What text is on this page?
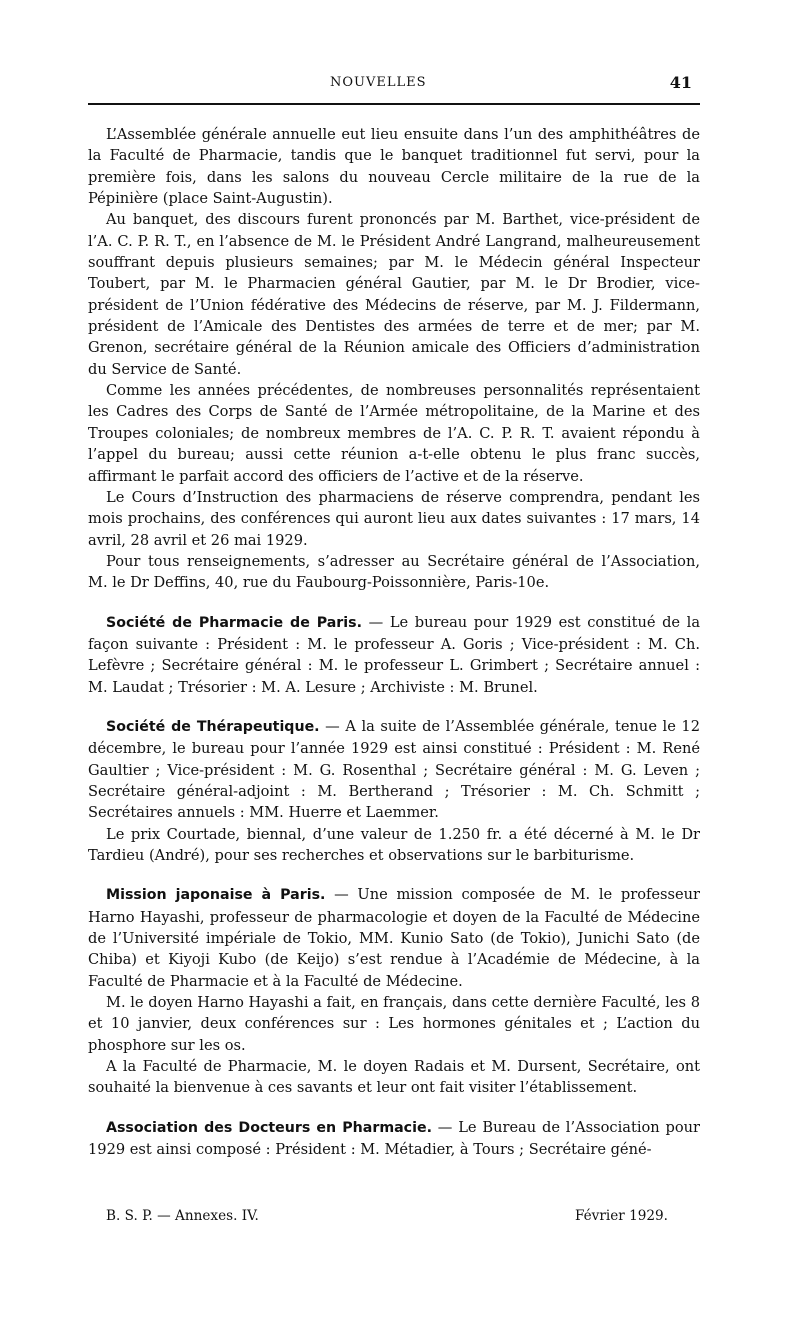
NOUVELLES	41

L’Assemblée générale annuelle eut lieu ensuite dans l’un des amphithéâtres de la Faculté de Pharmacie, tandis que le banquet traditionnel fut servi, pour la première fois, dans les salons du nouveau Cercle militaire de la rue de la Pépinière (place Saint-Augustin).

Au banquet, des discours furent prononcés par M. Barthet, vice-président de l’A. C. P. R. T., en l’absence de M. le Président André Langrand, malheureusement souffrant depuis plusieurs semaines; par M. le Médecin général Inspecteur Toubert, par M. le Pharmacien général Gautier, par M. le Dr Brodier, vice-président de l’Union fédérative des Médecins de réserve, par M. J. Fildermann, président de l’Amicale des Dentistes des armées de terre et de mer; par M. Grenon, secrétaire général de la Réunion amicale des Officiers d’administration du Service de Santé.

Comme les années précédentes, de nombreuses personnalités représentaient les Cadres des Corps de Santé de l’Armée métropolitaine, de la Marine et des Troupes coloniales; de nombreux membres de l’A. C. P. R. T. avaient répondu à l’appel du bureau; aussi cette réunion a-t-elle obtenu le plus franc succès, affirmant le parfait accord des officiers de l’active et de la réserve.

Le Cours d’Instruction des pharmaciens de réserve comprendra, pendant les mois prochains, des conférences qui auront lieu aux dates suivantes : 17 mars, 14 avril, 28 avril et 26 mai 1929.

Pour tous renseignements, s’adresser au Secrétaire général de l’Association, M. le Dr Deffins, 40, rue du Faubourg-Poissonnière, Paris-10e.

Société de Pharmacie de Paris. — Le bureau pour 1929 est constitué de la façon suivante : Président : M. le professeur A. Goris ; Vice-président : M. Ch. Lefèvre ; Secrétaire général : M. le professeur L. Grimbert ; Secrétaire annuel : M. Laudat ; Trésorier : M. A. Lesure ; Archiviste : M. Brunel.

Société de Thérapeutique. — A la suite de l’Assemblée générale, tenue le 12 décembre, le bureau pour l’année 1929 est ainsi constitué : Président : M. René Gaultier ; Vice-président : M. G. Rosenthal ; Secrétaire général : M. G. Leven ; Secrétaire général-adjoint : M. Bertherand ; Trésorier : M. Ch. Schmitt ; Secrétaires annuels : MM. Huerre et Laemmer.

Le prix Courtade, biennal, d’une valeur de 1.250 fr. a été décerné à M. le Dr Tardieu (André), pour ses recherches et observations sur le barbiturisme.

Mission japonaise à Paris. — Une mission composée de M. le professeur Harno Hayashi, professeur de pharmacologie et doyen de la Faculté de Médecine de l’Université impériale de Tokio, MM. Kunio Sato (de Tokio), Junichi Sato (de Chiba) et Kiyoji Kubo (de Keijo) s’est rendue à l’Académie de Médecine, à la Faculté de Pharmacie et à la Faculté de Médecine.

M. le doyen Harno Hayashi a fait, en français, dans cette dernière Faculté, les 8 et 10 janvier, deux conférences sur : Les hormones génitales et ; L’action du phosphore sur les os.

A la Faculté de Pharmacie, M. le doyen Radais et M. Dursent, Secrétaire, ont souhaité la bienvenue à ces savants et leur ont fait visiter l’établissement.

Association des Docteurs en Pharmacie. — Le Bureau de l’Association pour 1929 est ainsi composé : Président : M. Métadier, à Tours ; Secrétaire géné-

B. S. P. — Annexes. IV.	Février 1929.
